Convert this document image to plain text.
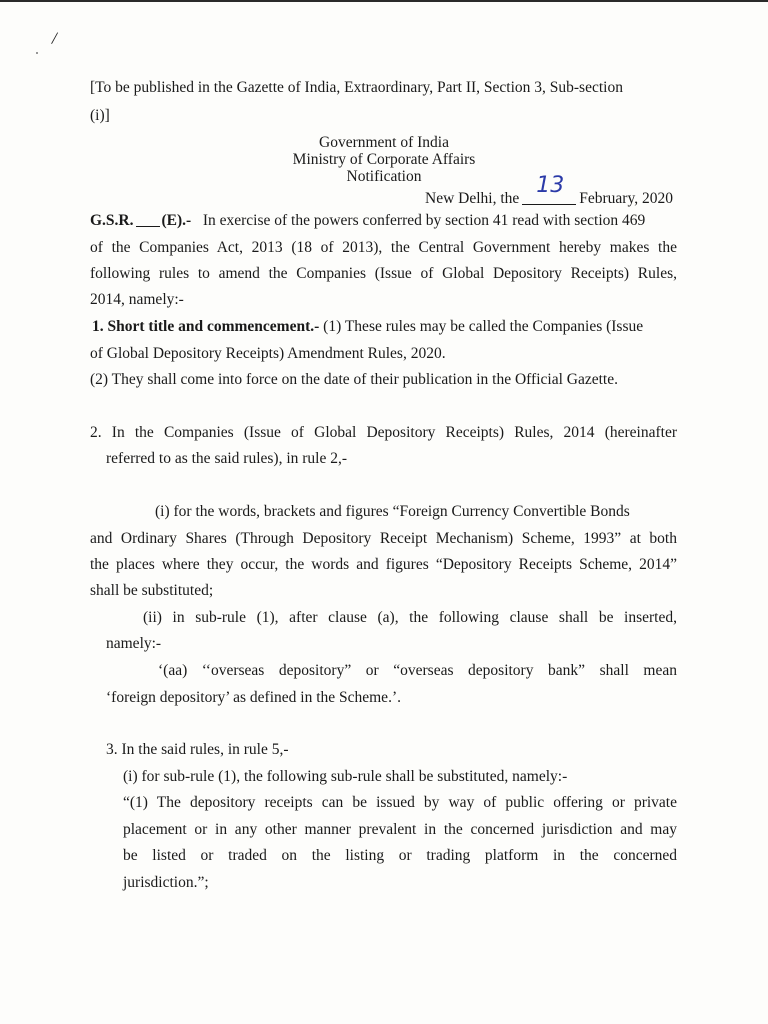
/
[To be published in the Gazette of India, Extraordinary, Part II, Section 3, Sub-section
(i)]
Government of India
Ministry of Corporate Affairs
Notification
New Delhi, the
13
February, 2020
G.S.R. (E).- In exercise of the powers conferred by section 41 read with section 469
of the Companies Act, 2013 (18 of 2013), the Central Government hereby makes the
following rules to amend the Companies (Issue of Global Depository Receipts) Rules,
2014, namely:-
1. Short title and commencement.- (1) These rules may be called the Companies (Issue
of Global Depository Receipts) Amendment Rules, 2020.
(2) They shall come into force on the date of their publication in the Official Gazette.
2. In the Companies (Issue of Global Depository Receipts) Rules, 2014 (hereinafter
referred to as the said rules), in rule 2,-
(i) for the words, brackets and figures “Foreign Currency Convertible Bonds
and Ordinary Shares (Through Depository Receipt Mechanism) Scheme, 1993” at both
the places where they occur, the words and figures “Depository Receipts Scheme, 2014”
shall be substituted;
(ii) in sub-rule (1), after clause (a), the following clause shall be inserted,
namely:-
‘(aa) ‘‘overseas depository” or “overseas depository bank” shall mean
‘foreign depository’ as defined in the Scheme.’.
3. In the said rules, in rule 5,-
(i) for sub-rule (1), the following sub-rule shall be substituted, namely:-
“(1) The depository receipts can be issued by way of public offering or private
placement or in any other manner prevalent in the concerned jurisdiction and may
be listed or traded on the listing or trading platform in the concerned
jurisdiction.”;
